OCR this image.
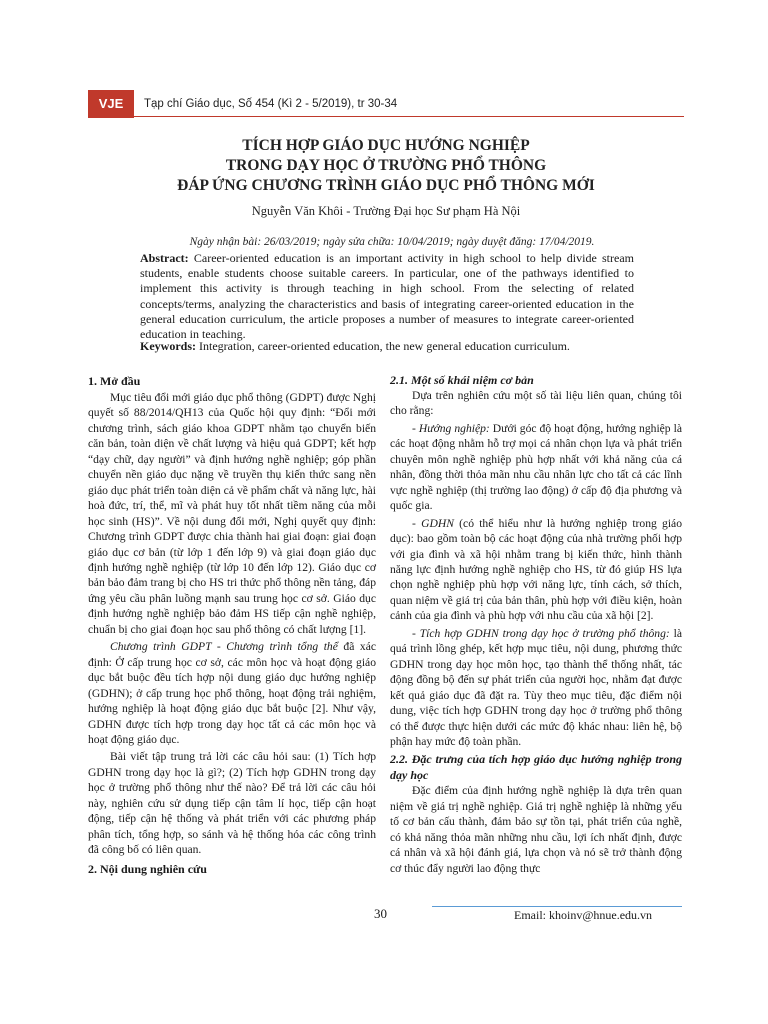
VJE	Tạp chí Giáo dục, Số 454 (Kì 2 - 5/2019), tr 30-34
TÍCH HỢP GIÁO DỤC HƯỚNG NGHIỆP
TRONG DẠY HỌC Ở TRƯỜNG PHỔ THÔNG
ĐÁP ỨNG CHƯƠNG TRÌNH GIÁO DỤC PHỔ THÔNG MỚI
Nguyễn Văn Khôi - Trường Đại học Sư phạm Hà Nội
Ngày nhận bài: 26/03/2019; ngày sửa chữa: 10/04/2019; ngày duyệt đăng: 17/04/2019.
Abstract: Career-oriented education is an important activity in high school to help divide stream students, enable students choose suitable careers. In particular, one of the pathways identified to implement this activity is through teaching in high school. From the selecting of related concepts/terms, analyzing the characteristics and basis of integrating career-oriented education in the general education curriculum, the article proposes a number of measures to integrate career-oriented education in teaching.
Keywords: Integration, career-oriented education, the new general education curriculum.
1. Mở đầu

Mục tiêu đổi mới giáo dục phổ thông (GDPT) được Nghị quyết số 88/2014/QH13 của Quốc hội quy định: “Đổi mới chương trình, sách giáo khoa GDPT nhằm tạo chuyển biến căn bản, toàn diện về chất lượng và hiệu quả GDPT; kết hợp “dạy chữ, dạy người” và định hướng nghề nghiệp; góp phần chuyển nền giáo dục nặng về truyền thụ kiến thức sang nền giáo dục phát triển toàn diện cả về phẩm chất và năng lực, hài hoà đức, trí, thể, mĩ và phát huy tốt nhất tiềm năng của mỗi học sinh (HS)”. Về nội dung đổi mới, Nghị quyết quy định: Chương trình GDPT được chia thành hai giai đoạn: giai đoạn giáo dục cơ bản (từ lớp 1 đến lớp 9) và giai đoạn giáo dục định hướng nghề nghiệp (từ lớp 10 đến lớp 12). Giáo dục cơ bản bảo đảm trang bị cho HS tri thức phổ thông nền tảng, đáp ứng yêu cầu phân luồng mạnh sau trung học cơ sở. Giáo dục định hướng nghề nghiệp bảo đảm HS tiếp cận nghề nghiệp, chuẩn bị cho giai đoạn học sau phổ thông có chất lượng [1].

Chương trình GDPT - Chương trình tổng thể đã xác định: Ở cấp trung học cơ sở, các môn học và hoạt động giáo dục bắt buộc đều tích hợp nội dung giáo dục hướng nghiệp (GDHN); ở cấp trung học phổ thông, hoạt động trải nghiệm, hướng nghiệp là hoạt động giáo dục bắt buộc [2]. Như vậy, GDHN được tích hợp trong dạy học tất cả các môn học và hoạt động giáo dục.

Bài viết tập trung trả lời các câu hỏi sau: (1) Tích hợp GDHN trong dạy học là gì?; (2) Tích hợp GDHN trong dạy học ở trường phổ thông như thế nào? Để trả lời các câu hỏi này, nghiên cứu sử dụng tiếp cận tâm lí học, tiếp cận hoạt động, tiếp cận hệ thống và phát triển với các phương pháp phân tích, tổng hợp, so sánh và hệ thống hóa các công trình đã công bố có liên quan.

2. Nội dung nghiên cứu
2.1. Một số khái niệm cơ bản

Dựa trên nghiên cứu một số tài liệu liên quan, chúng tôi cho rằng:

- Hướng nghiệp: Dưới góc độ hoạt động, hướng nghiệp là các hoạt động nhằm hỗ trợ mọi cá nhân chọn lựa và phát triển chuyên môn nghề nghiệp phù hợp nhất với khả năng của cá nhân, đồng thời thỏa mãn nhu cầu nhân lực cho tất cả các lĩnh vực nghề nghiệp (thị trường lao động) ở cấp độ địa phương và quốc gia.

- GDHN (có thể hiểu như là hướng nghiệp trong giáo dục): bao gồm toàn bộ các hoạt động của nhà trường phối hợp với gia đình và xã hội nhằm trang bị kiến thức, hình thành năng lực định hướng nghề nghiệp cho HS, từ đó giúp HS lựa chọn nghề nghiệp phù hợp với năng lực, tính cách, sở thích, quan niệm về giá trị của bản thân, phù hợp với điều kiện, hoàn cảnh của gia đình và phù hợp với nhu cầu của xã hội [2].

- Tích hợp GDHN trong dạy học ở trường phổ thông: là quá trình lồng ghép, kết hợp mục tiêu, nội dung, phương thức GDHN trong dạy học môn học, tạo thành thể thống nhất, tác động đồng bộ đến sự phát triển của người học, nhằm đạt được kết quả giáo dục đã đặt ra. Tùy theo mục tiêu, đặc điểm nội dung, việc tích hợp GDHN trong dạy học ở trường phổ thông có thể được thực hiện dưới các mức độ khác nhau: liên hệ, bộ phận hay mức độ toàn phần.

2.2. Đặc trưng của tích hợp giáo dục hướng nghiệp trong dạy học

Đặc điểm của định hướng nghề nghiệp là dựa trên quan niệm về giá trị nghề nghiệp. Giá trị nghề nghiệp là những yếu tố cơ bản cấu thành, đảm bảo sự tồn tại, phát triển của nghề, có khả năng thỏa mãn những nhu cầu, lợi ích nhất định, được cá nhân và xã hội đánh giá, lựa chọn và nó sẽ trở thành động cơ thúc đẩy người lao động thực

30	Email: khoinv@hnue.edu.vn
